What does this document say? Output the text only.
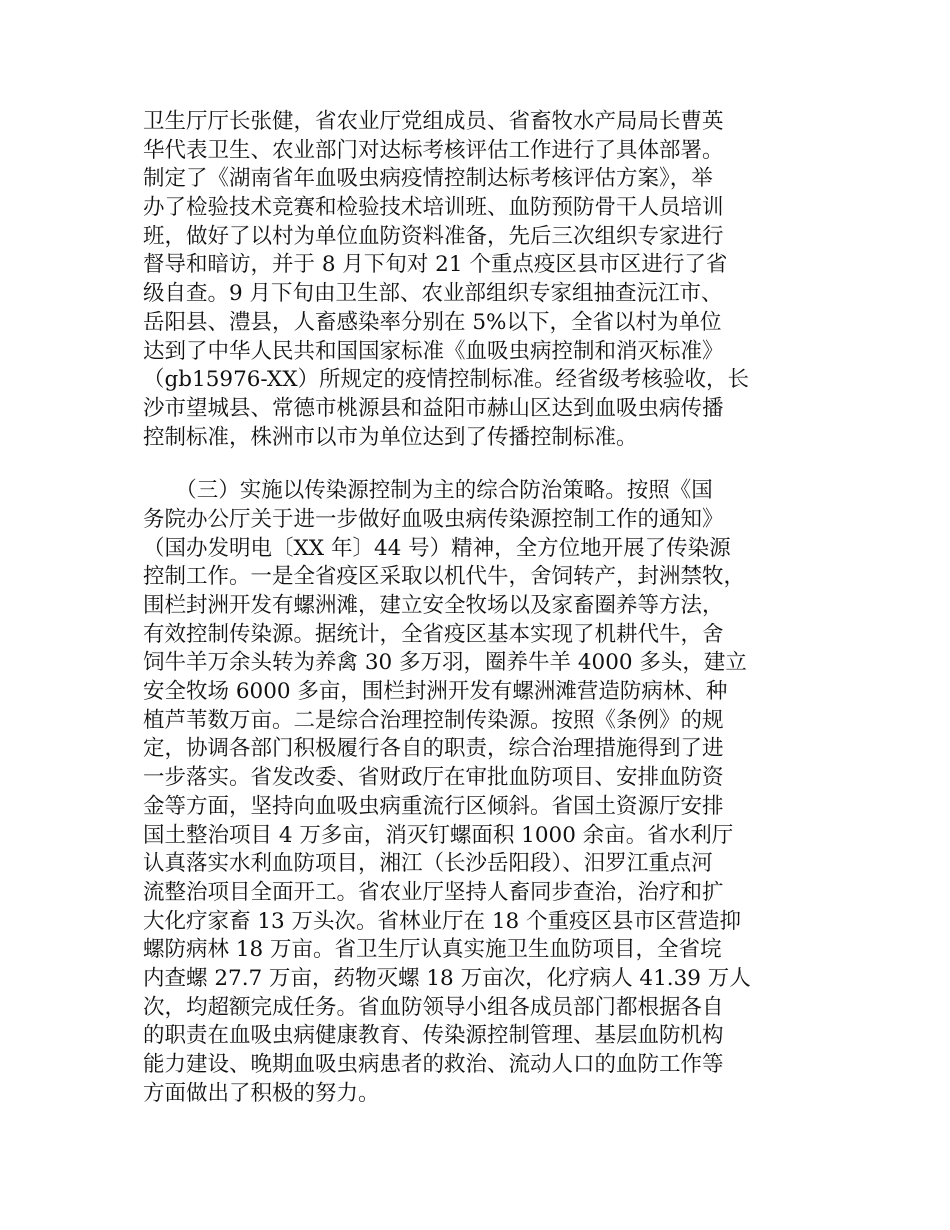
卫生厅厅长张健，省农业厅党组成员、省畜牧水产局局长曹英
华代表卫生、农业部门对达标考核评估工作进行了具体部署。
制定了《湖南省年血吸虫病疫情控制达标考核评估方案》，举
办了检验技术竞赛和检验技术培训班、血防预防骨干人员培训
班，做好了以村为单位血防资料准备，先后三次组织专家进行
督导和暗访，并于 8 月下旬对 21 个重点疫区县市区进行了省
级自查。9 月下旬由卫生部、农业部组织专家组抽查沅江市、
岳阳县、澧县，人畜感染率分别在 5%以下，全省以村为单位
达到了中华人民共和国国家标准《血吸虫病控制和消灭标准》
（gb15976-XX）所规定的疫情控制标准。经省级考核验收，长
沙市望城县、常德市桃源县和益阳市赫山区达到血吸虫病传播
控制标准，株洲市以市为单位达到了传播控制标准。
　　（三）实施以传染源控制为主的综合防治策略。按照《国
务院办公厅关于进一步做好血吸虫病传染源控制工作的通知》
（国办发明电〔XX 年〕44 号）精神，全方位地开展了传染源
控制工作。一是全省疫区采取以机代牛，舍饲转产，封洲禁牧，
围栏封洲开发有螺洲滩，建立安全牧场以及家畜圈养等方法，
有效控制传染源。据统计，全省疫区基本实现了机耕代牛，舍
饲牛羊万余头转为养禽 30 多万羽，圈养牛羊 4000 多头，建立
安全牧场 6000 多亩，围栏封洲开发有螺洲滩营造防病林、种
植芦苇数万亩。二是综合治理控制传染源。按照《条例》的规
定，协调各部门积极履行各自的职责，综合治理措施得到了进
一步落实。省发改委、省财政厅在审批血防项目、安排血防资
金等方面，坚持向血吸虫病重流行区倾斜。省国土资源厅安排
国土整治项目 4 万多亩，消灭钉螺面积 1000 余亩。省水利厅
认真落实水利血防项目，湘江（长沙岳阳段）、汨罗江重点河
流整治项目全面开工。省农业厅坚持人畜同步查治，治疗和扩
大化疗家畜 13 万头次。省林业厅在 18 个重疫区县市区营造抑
螺防病林 18 万亩。省卫生厅认真实施卫生血防项目，全省垸
内查螺 27.7 万亩，药物灭螺 18 万亩次，化疗病人 41.39 万人
次，均超额完成任务。省血防领导小组各成员部门都根据各自
的职责在血吸虫病健康教育、传染源控制管理、基层血防机构
能力建设、晚期血吸虫病患者的救治、流动人口的血防工作等
方面做出了积极的努力。
